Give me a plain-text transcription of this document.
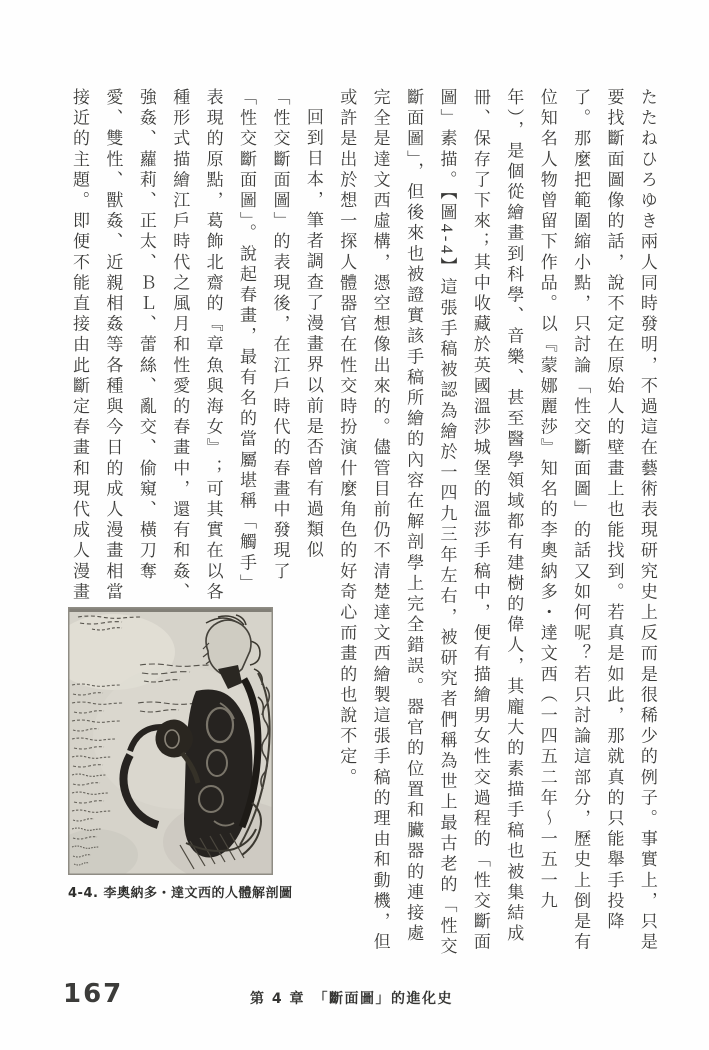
たたねひろゆき兩人同時發明，不過這在藝術表現研究史上反而是很稀少的例子。事實上，只是
要找斷面圖像的話，說不定在原始人的壁畫上也能找到。若真是如此，那就真的只能舉手投降
了。那麼把範圍縮小點，只討論「性交斷面圖」的話又如何呢？若只討論這部分，歷史上倒是有
位知名人物曾留下作品。以『蒙娜麗莎』知名的李奧納多・達文西（一四五二年～一五一九
年），是個從繪畫到科學、音樂、甚至醫學領域都有建樹的偉人，其龐大的素描手稿也被集結成
冊、保存了下來；其中收藏於英國溫莎城堡的溫莎手稿中，便有描繪男女性交過程的「性交斷面
圖」素描。【圖4-4】這張手稿被認為繪於一四九三年左右，被研究者們稱為世上最古老的「性交
斷面圖」，但後來也被證實該手稿所繪的內容在解剖學上完全錯誤。器官的位置和臟器的連接處
完全是達文西虛構，憑空想像出來的。儘管目前仍不清楚達文西繪製這張手稿的理由和動機，但
或許是出於想一探人體器官在性交時扮演什麼角色的好奇心而畫的也說不定。
回到日本，筆者調查了漫畫界以前是否曾有過類似
「性交斷面圖」的表現後，在江戶時代的春畫中發現了
「性交斷面圖」。說起春畫，最有名的當屬堪稱「觸手」
表現的原點，葛飾北齋的『章魚與海女』；可其實在以各
種形式描繪江戶時代之風月和性愛的春畫中，還有和姦、
強姦、蘿莉、正太、ＢＬ、蕾絲、亂交、偷窺、橫刀奪
愛、雙性、獸姦、近親相姦等各種與今日的成人漫畫相當
接近的主題。即便不能直接由此斷定春畫和現代成人漫畫
4-4. 李奧納多・達文西的人體解剖圖
167	第 4 章　「斷面圖」的進化史
